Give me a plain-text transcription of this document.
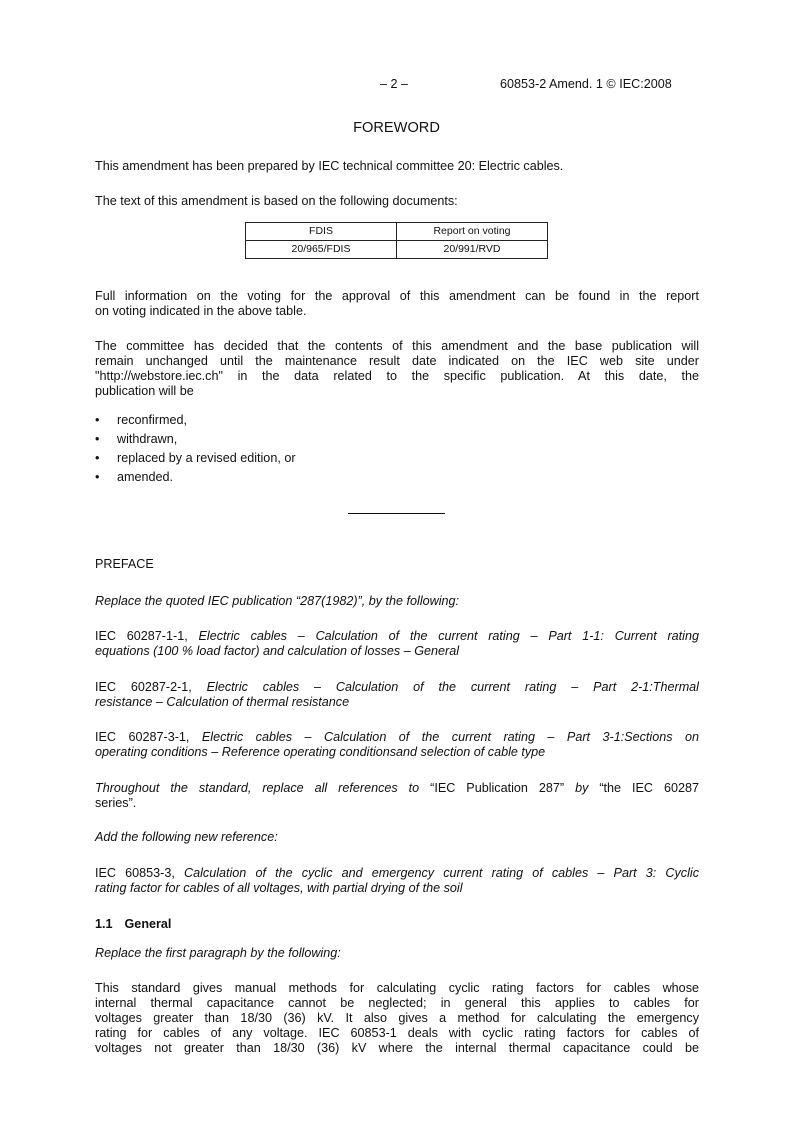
– 2 –	60853-2 Amend. 1 © IEC:2008
FOREWORD
This amendment has been prepared by IEC technical committee 20: Electric cables.
The text of this amendment is based on the following documents:
FDIS	Report on voting
20/965/FDIS	20/991/RVD
Full information on the voting for the approval of this amendment can be found in the report
on voting indicated in the above table.
The committee has decided that the contents of this amendment and the base publication will
remain unchanged until the maintenance result date indicated on the IEC web site under
"http://webstore.iec.ch" in the data related to the specific publication. At this date, the
publication will be
• reconfirmed,
• withdrawn,
• replaced by a revised edition, or
• amended.
PREFACE
Replace the quoted IEC publication “287(1982)”, by the following:
IEC 60287-1-1, Electric cables – Calculation of the current rating – Part 1-1: Current rating
equations (100 % load factor) and calculation of losses – General
IEC 60287-2-1, Electric cables – Calculation of the current rating – Part 2-1:Thermal
resistance – Calculation of thermal resistance
IEC 60287-3-1, Electric cables – Calculation of the current rating – Part 3-1:Sections on
operating conditions – Reference operating conditionsand selection of cable type
Throughout the standard, replace all references to “IEC Publication 287” by “the IEC 60287
series”.
Add the following new reference:
IEC 60853-3, Calculation of the cyclic and emergency current rating of cables – Part 3: Cyclic
rating factor for cables of all voltages, with partial drying of the soil
1.1 General
Replace the first paragraph by the following:
This standard gives manual methods for calculating cyclic rating factors for cables whose
internal thermal capacitance cannot be neglected; in general this applies to cables for
voltages greater than 18/30 (36) kV. It also gives a method for calculating the emergency
rating for cables of any voltage. IEC 60853-1 deals with cyclic rating factors for cables of
voltages not greater than 18/30 (36) kV where the internal thermal capacitance could be
